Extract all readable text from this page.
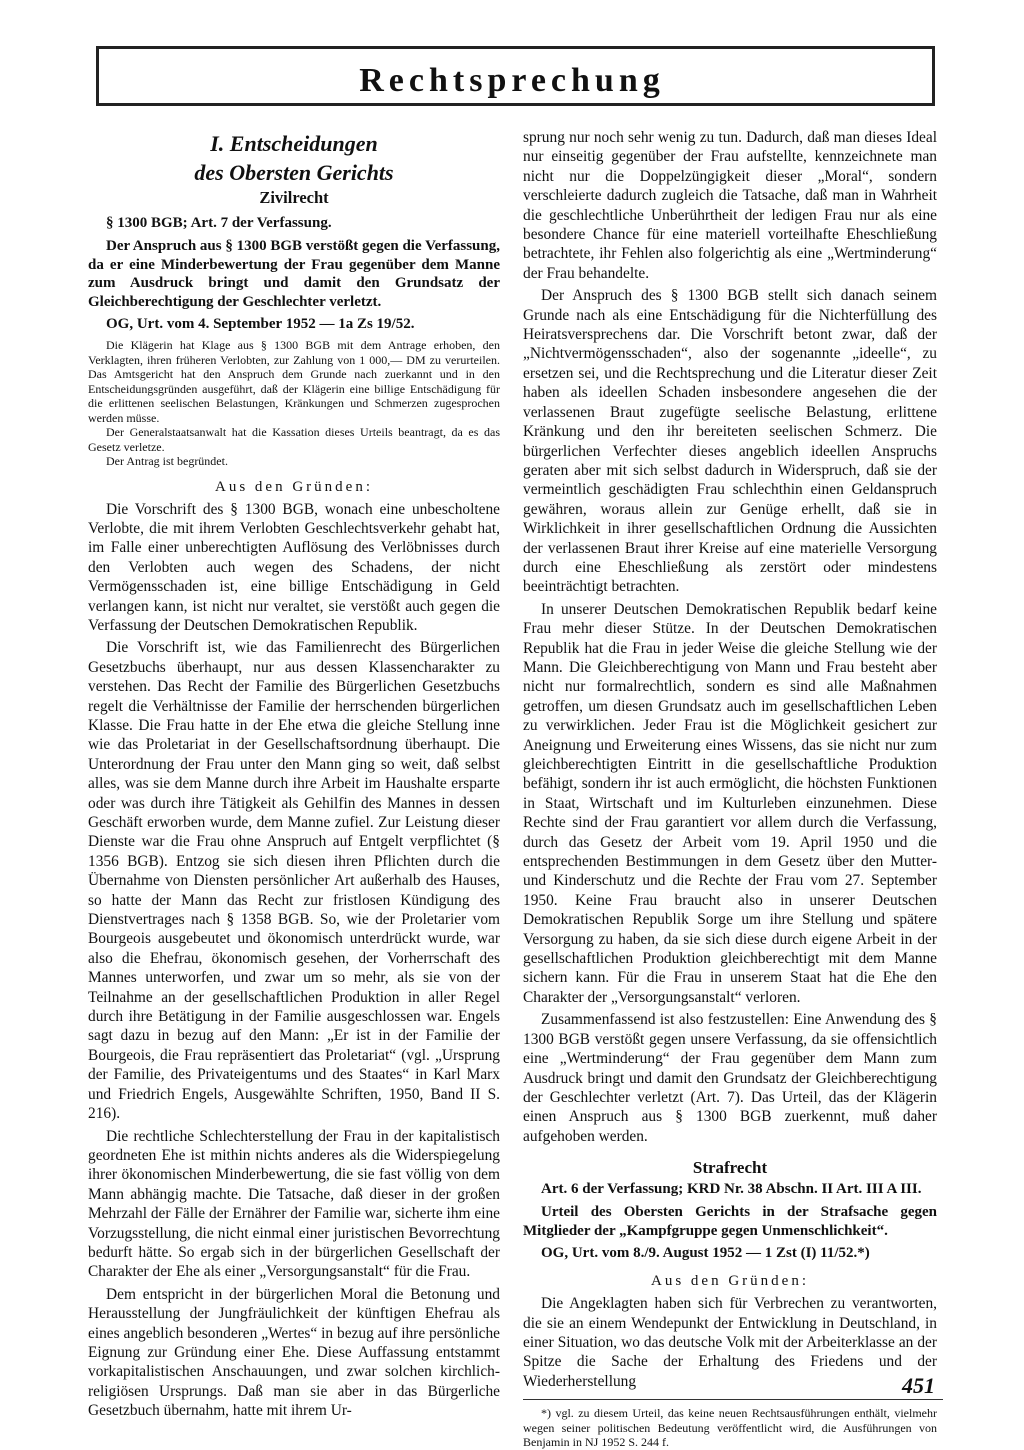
Rechtsprechung
I. Entscheidungen
des Obersten Gerichts
Zivilrecht

§ 1300 BGB; Art. 7 der Verfassung.

Der Anspruch aus § 1300 BGB verstößt gegen die Verfassung, da er eine Minderbewertung der Frau gegenüber dem Manne zum Ausdruck bringt und damit den Grundsatz der Gleichberechtigung der Geschlechter verletzt.

OG, Urt. vom 4. September 1952 — 1a Zs 19/52.

Die Klägerin hat Klage aus § 1300 BGB mit dem Antrage erhoben, den Verklagten, ihren früheren Verlobten, zur Zahlung von 1 000,— DM zu verurteilen. Das Amtsgericht hat den Anspruch dem Grunde nach zuerkannt und in den Entscheidungsgründen ausgeführt, daß der Klägerin eine billige Entschädigung für die erlittenen seelischen Belastungen, Kränkungen und Schmerzen zugesprochen werden müsse.

Der Generalstaatsanwalt hat die Kassation dieses Urteils beantragt, da es das Gesetz verletze.

Der Antrag ist begründet.

Aus den Gründen:

Die Vorschrift des § 1300 BGB, wonach eine unbescholtene Verlobte, die mit ihrem Verlobten Geschlechtsverkehr gehabt hat, im Falle einer unberechtigten Auflösung des Verlöbnisses durch den Verlobten auch wegen des Schadens, der nicht Vermögensschaden ist, eine billige Entschädigung in Geld verlangen kann, ist nicht nur veraltet, sie verstößt auch gegen die Verfassung der Deutschen Demokratischen Republik.

Die Vorschrift ist, wie das Familienrecht des Bürgerlichen Gesetzbuchs überhaupt, nur aus dessen Klassencharakter zu verstehen. Das Recht der Familie des Bürgerlichen Gesetzbuchs regelt die Verhältnisse der Familie der herrschenden bürgerlichen Klasse. Die Frau hatte in der Ehe etwa die gleiche Stellung inne wie das Proletariat in der Gesellschaftsordnung überhaupt. Die Unterordnung der Frau unter den Mann ging so weit, daß selbst alles, was sie dem Manne durch ihre Arbeit im Haushalte ersparte oder was durch ihre Tätigkeit als Gehilfin des Mannes in dessen Geschäft erworben wurde, dem Manne zufiel. Zur Leistung dieser Dienste war die Frau ohne Anspruch auf Entgelt verpflichtet (§ 1356 BGB). Entzog sie sich diesen ihren Pflichten durch die Übernahme von Diensten persönlicher Art außerhalb des Hauses, so hatte der Mann das Recht zur fristlosen Kündigung des Dienstvertrages nach § 1358 BGB. So, wie der Proletarier vom Bourgeois ausgebeutet und ökonomisch unterdrückt wurde, war also die Ehefrau, ökonomisch gesehen, der Vorherrschaft des Mannes unterworfen, und zwar um so mehr, als sie von der Teilnahme an der gesellschaftlichen Produktion in aller Regel durch ihre Betätigung in der Familie ausgeschlossen war. Engels sagt dazu in bezug auf den Mann: „Er ist in der Familie der Bourgeois, die Frau repräsentiert das Proletariat“ (vgl. „Ursprung der Familie, des Privateigentums und des Staates“ in Karl Marx und Friedrich Engels, Ausgewählte Schriften, 1950, Band II S. 216).

Die rechtliche Schlechterstellung der Frau in der kapitalistisch geordneten Ehe ist mithin nichts anderes als die Widerspiegelung ihrer ökonomischen Minderbewertung, die sie fast völlig von dem Mann abhängig machte. Die Tatsache, daß dieser in der großen Mehrzahl der Fälle der Ernährer der Familie war, sicherte ihm eine Vorzugsstellung, die nicht einmal einer juristischen Bevorrechtung bedurft hätte. So ergab sich in der bürgerlichen Gesellschaft der Charakter der Ehe als einer „Versorgungsanstalt“ für die Frau.

Dem entspricht in der bürgerlichen Moral die Betonung und Herausstellung der Jungfräulichkeit der künftigen Ehefrau als eines angeblich besonderen „Wertes“ in bezug auf ihre persönliche Eignung zur Gründung einer Ehe. Diese Auffassung entstammt vorkapitalistischen Anschauungen, und zwar solchen kirchlich-religiösen Ursprungs. Daß man sie aber in das Bürgerliche Gesetzbuch übernahm, hatte mit ihrem Ur-

sprung nur noch sehr wenig zu tun. Dadurch, daß man dieses Ideal nur einseitig gegenüber der Frau aufstellte, kennzeichnete man nicht nur die Doppelzüngigkeit dieser „Moral“, sondern verschleierte dadurch zugleich die Tatsache, daß man in Wahrheit die geschlechtliche Unberührtheit der ledigen Frau nur als eine besondere Chance für eine materiell vorteilhafte Eheschließung betrachtete, ihr Fehlen also folgerichtig als eine „Wertminderung“ der Frau behandelte.

Der Anspruch des § 1300 BGB stellt sich danach seinem Grunde nach als eine Entschädigung für die Nichterfüllung des Heiratsversprechens dar. Die Vorschrift betont zwar, daß der „Nichtvermögensschaden“, also der sogenannte „ideelle“, zu ersetzen sei, und die Rechtsprechung und die Literatur dieser Zeit haben als ideellen Schaden insbesondere angesehen die der verlassenen Braut zugefügte seelische Belastung, erlittene Kränkung und den ihr bereiteten seelischen Schmerz. Die bürgerlichen Verfechter dieses angeblich ideellen Anspruchs geraten aber mit sich selbst dadurch in Widerspruch, daß sie der vermeintlich geschädigten Frau schlechthin einen Geldanspruch gewähren, woraus allein zur Genüge erhellt, daß sie in Wirklichkeit in ihrer gesellschaftlichen Ordnung die Aussichten der verlassenen Braut ihrer Kreise auf eine materielle Versorgung durch eine Eheschließung als zerstört oder mindestens beeinträchtigt betrachten.

In unserer Deutschen Demokratischen Republik bedarf keine Frau mehr dieser Stütze. In der Deutschen Demokratischen Republik hat die Frau in jeder Weise die gleiche Stellung wie der Mann. Die Gleichberechtigung von Mann und Frau besteht aber nicht nur formalrechtlich, sondern es sind alle Maßnahmen getroffen, um diesen Grundsatz auch im gesellschaftlichen Leben zu verwirklichen. Jeder Frau ist die Möglichkeit gesichert zur Aneignung und Erweiterung eines Wissens, das sie nicht nur zum gleichberechtigten Eintritt in die gesellschaftliche Produktion befähigt, sondern ihr ist auch ermöglicht, die höchsten Funktionen in Staat, Wirtschaft und im Kulturleben einzunehmen. Diese Rechte sind der Frau garantiert vor allem durch die Verfassung, durch das Gesetz der Arbeit vom 19. April 1950 und die entsprechenden Bestimmungen in dem Gesetz über den Mutter- und Kinderschutz und die Rechte der Frau vom 27. September 1950. Keine Frau braucht also in unserer Deutschen Demokratischen Republik Sorge um ihre Stellung und spätere Versorgung zu haben, da sie sich diese durch eigene Arbeit in der gesellschaftlichen Produktion gleichberechtigt mit dem Manne sichern kann. Für die Frau in unserem Staat hat die Ehe den Charakter der „Versorgungsanstalt“ verloren.

Zusammenfassend ist also festzustellen: Eine Anwendung des § 1300 BGB verstößt gegen unsere Verfassung, da sie offensichtlich eine „Wertminderung“ der Frau gegenüber dem Mann zum Ausdruck bringt und damit den Grundsatz der Gleichberechtigung der Geschlechter verletzt (Art. 7). Das Urteil, das der Klägerin einen Anspruch aus § 1300 BGB zuerkennt, muß daher aufgehoben werden.

Strafrecht

Art. 6 der Verfassung; KRD Nr. 38 Abschn. II Art. III A III.

Urteil des Obersten Gerichts in der Strafsache gegen Mitglieder der „Kampfgruppe gegen Unmenschlichkeit“.

OG, Urt. vom 8./9. August 1952 — 1 Zst (I) 11/52.*)

Aus den Gründen:

Die Angeklagten haben sich für Verbrechen zu verantworten, die sie an einem Wendepunkt der Entwicklung in Deutschland, in einer Situation, wo das deutsche Volk mit der Arbeiterklasse an der Spitze die Sache der Erhaltung des Friedens und der Wiederherstellung

*) vgl. zu diesem Urteil, das keine neuen Rechtsausführungen enthält, vielmehr wegen seiner politischen Bedeutung veröffentlicht wird, die Ausführungen von Benjamin in NJ 1952 S. 244 f.

451
